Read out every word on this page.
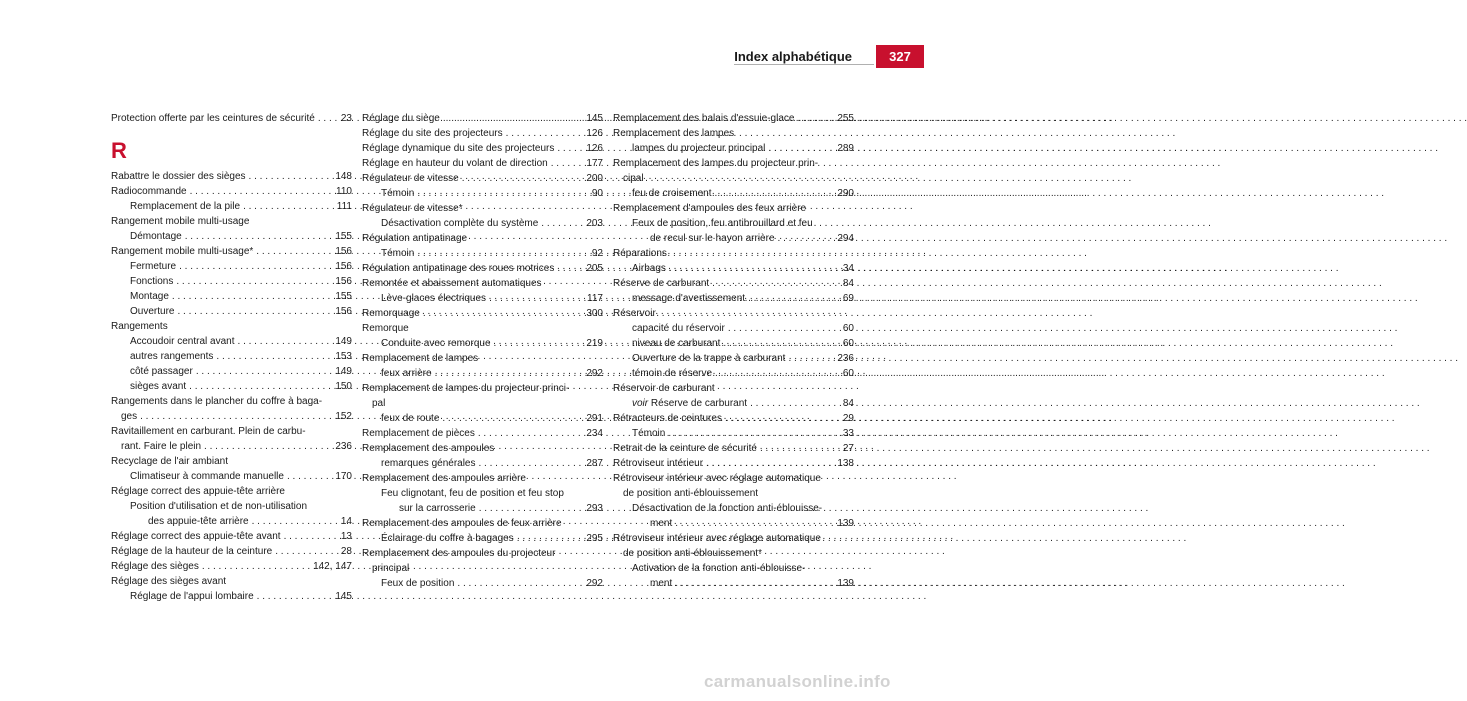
Index alphabétique	327
Protection offerte par les ceintures de sécurité . . .	23
R
Rabattre le dossier des sièges . . .	148
Radiocommande . . .	110
Remplacement de la pile . . .	111
Rangement mobile multi-usage
Démontage . . .	155
Rangement mobile multi-usage* . . .	156
Fermeture . . .	156
Fonctions . . .	156
Montage . . .	155
Ouverture . . .	156
Rangements
Accoudoir central avant . . .	149
autres rangements . . .	153
côté passager . . .	149
sièges avant . . .	150
Rangements dans le plancher du coffre à baga-
ges . . .	152
Ravitaillement en carburant. Plein de carbu-
rant. Faire le plein . . .	236
Recyclage de l'air ambiant
Climatiseur à commande manuelle . . .	170
Réglage correct des appuie-tête arrière
Position d'utilisation et de non-utilisation
des appuie-tête arrière . . .	14
Réglage correct des appuie-tête avant . . .	13
Réglage de la hauteur de la ceinture . . .	28
Réglage des sièges . . .	142, 147
Réglage des sièges avant
Réglage de l'appui lombaire . . .	145
Réglage du siège . . .	145
Réglage du site des projecteurs . . .	126
Réglage dynamique du site des projecteurs . . .	126
Réglage en hauteur du volant de direction . . .	177
Régulateur de vitesse . . .	200
Témoin . . .	90
Régulateur de vitesse*
Désactivation complète du système . . .	203
Régulation antipatinage
Témoin . . .	92
Régulation antipatinage des roues motrices . . .	205
Remontée et abaissement automatiques
Lève-glaces électriques . . .	117
Remorquage . . .	300
Remorque
Conduite avec remorque . . .	219
Remplacement de lampes
feux arrière . . .	292
Remplacement de lampes du projecteur princi-
pal
feux de route . . .	291
Remplacement de pièces . . .	234
Remplacement des ampoules
remarques générales . . .	287
Remplacement des ampoules arrière
Feu clignotant, feu de position et feu stop
sur la carrosserie . . .	293
Remplacement des ampoules de feux arrière
Éclairage du coffre à bagages . . .	295
Remplacement des ampoules du projecteur
principal
Feux de position . . .	292
Remplacement des balais d'essuie-glace . . .	255
Remplacement des lampes
lampes du projecteur principal . . .	289
Remplacement des lampes du projecteur prin-
cipal
feu de croisement . . .	290
Remplacement d'ampoules des feux arrière
Feux de position, feu antibrouillard et feu
de recul sur le hayon arrière . . .	294
Réparations
Airbags . . .	34
Réserve de carburant . . .	84
message d'avertissement . . .	69
Réservoir
capacité du réservoir . . .	60
niveau de carburant . . .	60
Ouverture de la trappe à carburant . . .	236
témoin de réserve . . .	60
Réservoir de carburant
voir Réserve de carburant . . .	84
Rétracteurs de ceintures . . .	29
Témoin . . .	33
Retrait de la ceinture de sécurité . . .	27
Rétroviseur intérieur . . .	138
Rétroviseur intérieur avec réglage automatique
de position anti-éblouissement
Désactivation de la fonction anti-éblouisse-
ment . . .	139
Rétroviseur intérieur avec réglage automatique
de position anti-éblouissement*
Activation de la fonction anti-éblouisse-
ment . . .	139
carmanualsonline.info
